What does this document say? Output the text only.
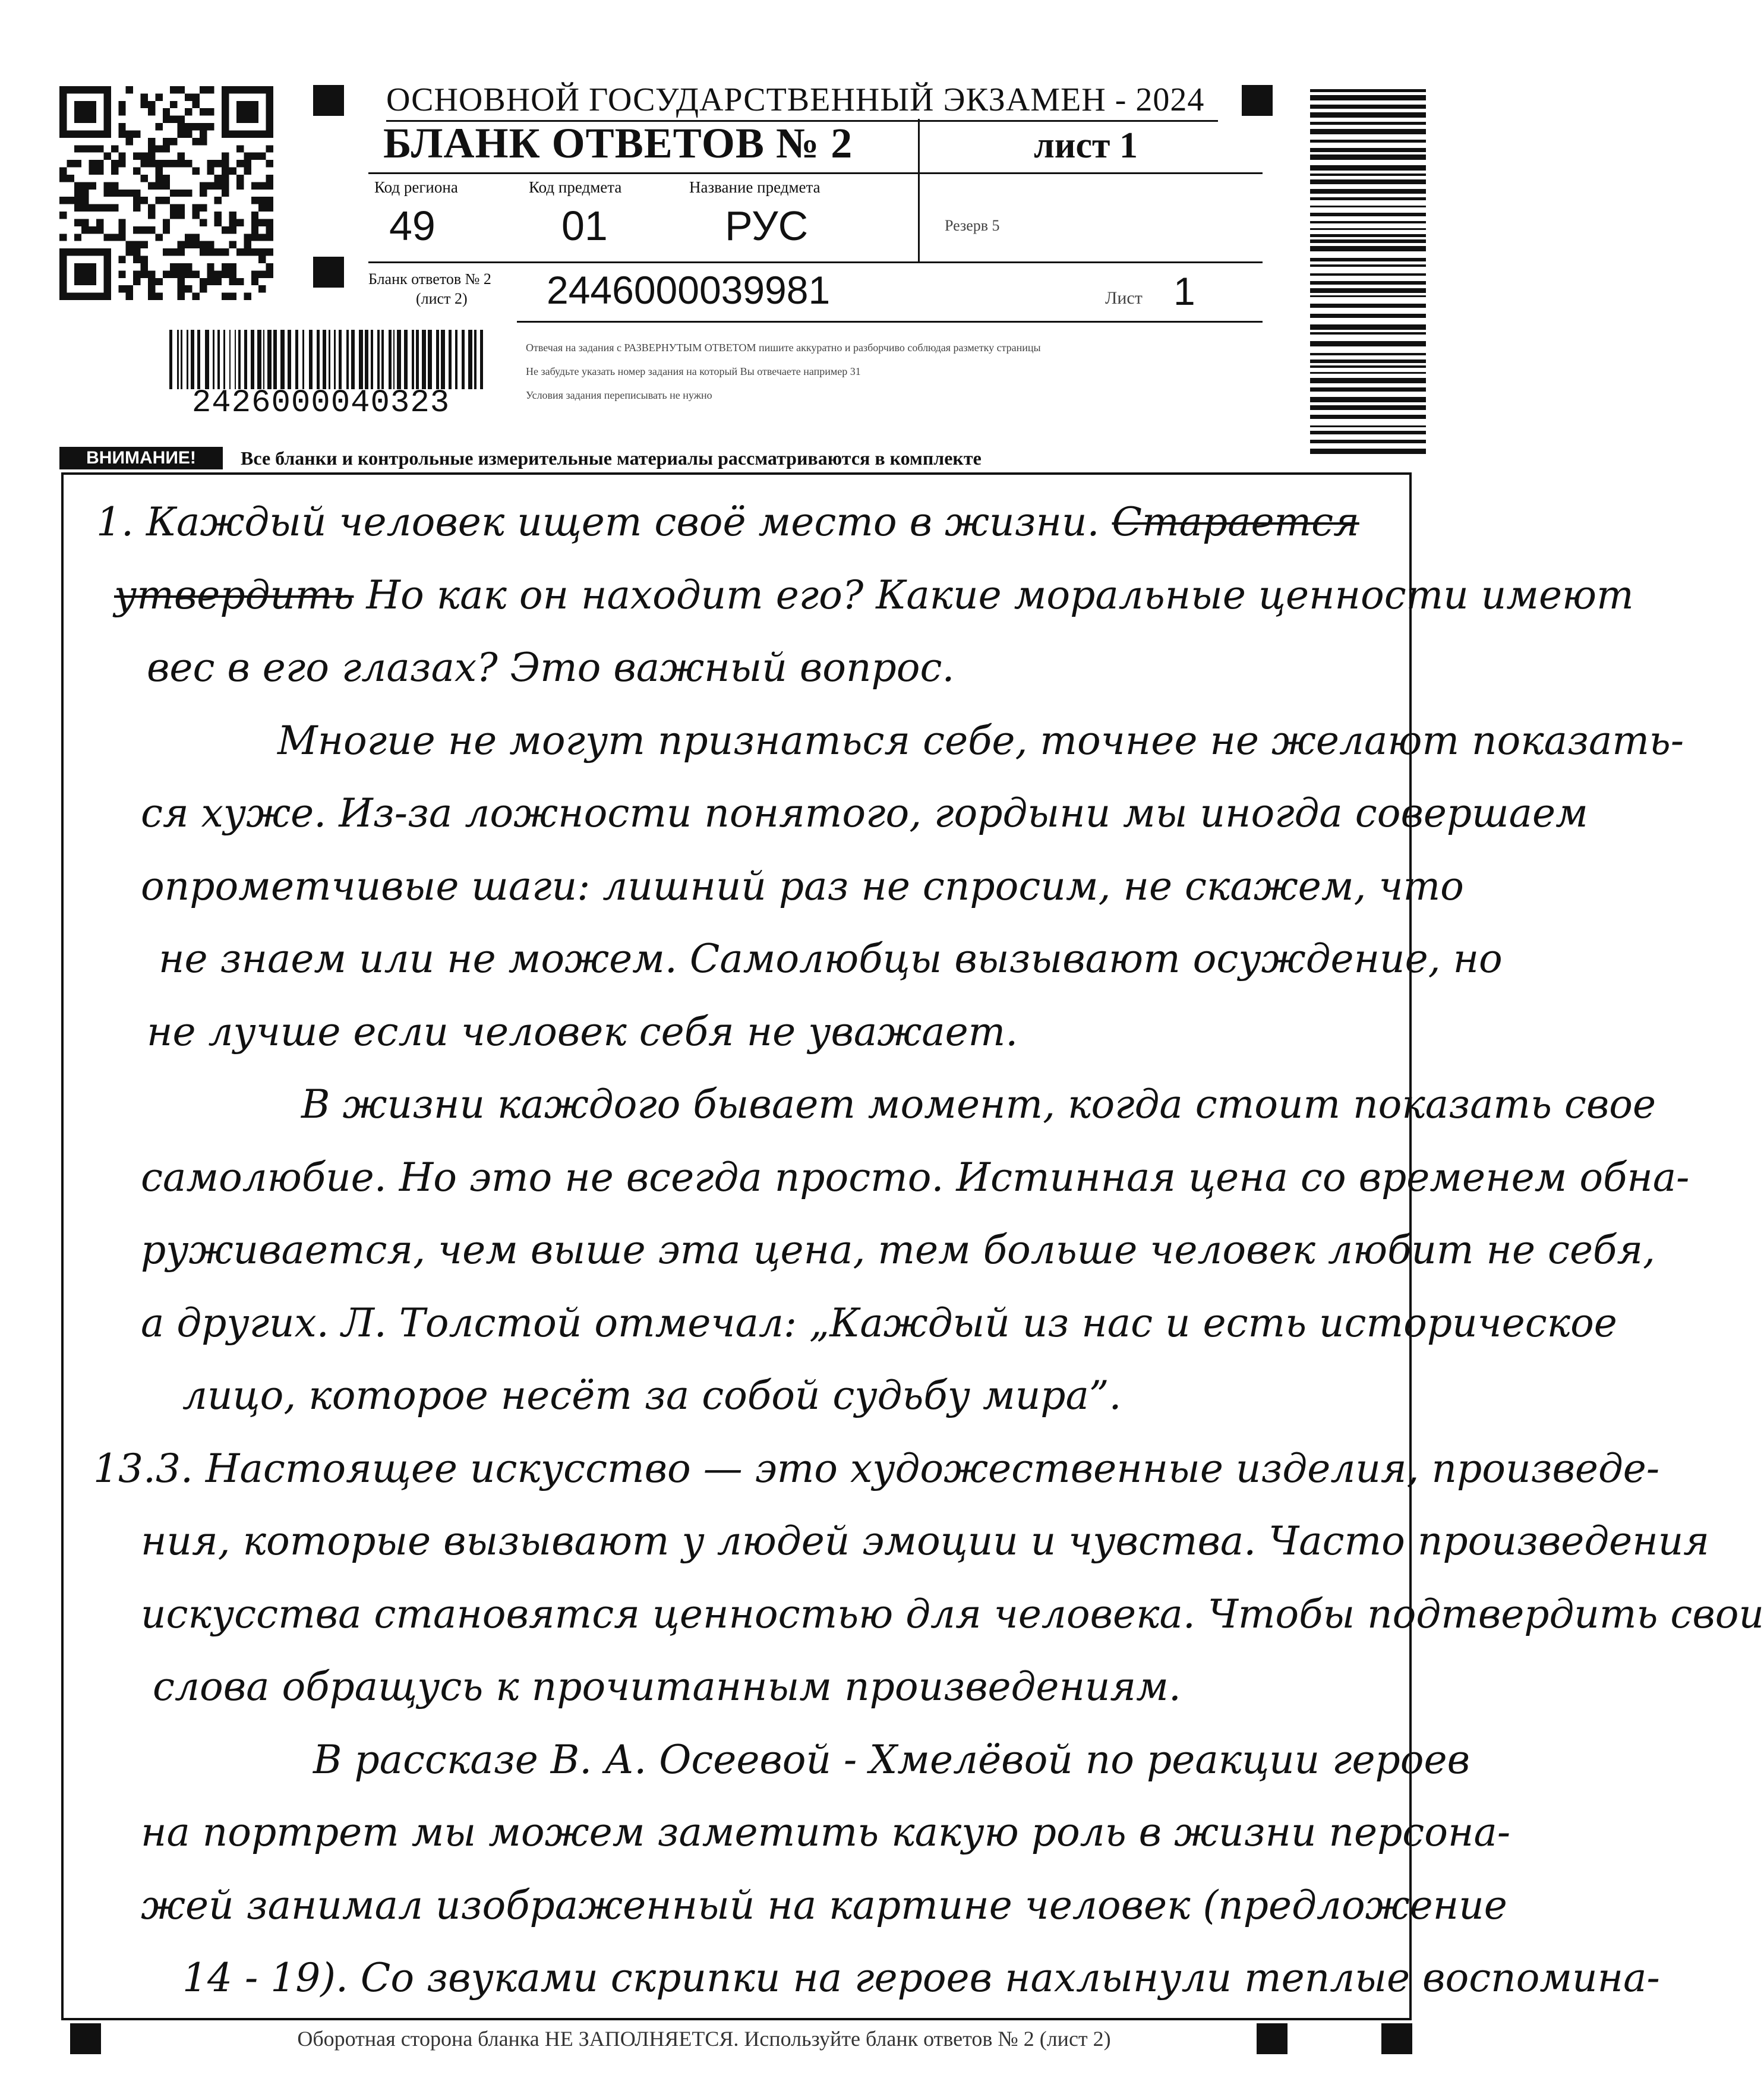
2426000040323
ОСНОВНОЙ ГОСУДАРСТВЕННЫЙ ЭКЗАМЕН - 2024
БЛАНК ОТВЕТОВ № 2	лист 1
Код региона
49
Код предмета
01
Название предмета
РУС	Резерв 5
Бланк ответов № 2
(лист 2) 2446000039981	Лист 1
Отвечая на задания с РАЗВЕРНУТЫМ ОТВЕТОМ пишите аккуратно и разборчиво соблюдая разметку страницы
Не забудьте указать номер задания на который Вы отвечаете например 31
Условия задания переписывать не нужно
ВНИМАНИЕ!	Все бланки и контрольные измерительные материалы рассматриваются в комплекте
1. Каждый человек ищет своё место в жизни. Старается
утвердить Но как он находит его? Какие моральные ценности имеют
вес в его глазах? Это важный вопрос.
Многие не могут признаться себе, точнее не желают показать-
ся хуже. Из-за ложности понятого, гордыни мы иногда совершаем
опрометчивые шаги: лишний раз не спросим, не скажем, что
не знаем или не можем. Самолюбцы вызывают осуждение, но
не лучше если человек себя не уважает.
В жизни каждого бывает момент, когда стоит показать свое
самолюбие. Но это не всегда просто. Истинная цена со временем обна-
руживается, чем выше эта цена, тем больше человек любит не себя,
а других. Л. Толстой отмечал: „Каждый из нас и есть историческое
лицо, которое несёт за собой судьбу мира”.
13.3. Настоящее искусство — это художественные изделия, произведе-
ния, которые вызывают у людей эмоции и чувства. Часто произведения
искусства становятся ценностью для человека. Чтобы подтвердить свои
слова обращусь к прочитанным произведениям.
В рассказе В. А. Осеевой - Хмелёвой по реакции героев
на портрет мы можем заметить какую роль в жизни персона-
жей занимал изображенный на картине человек (предложение
14 - 19). Со звуками скрипки на героев нахлынули теплые воспомина-
Оборотная сторона бланка НЕ ЗАПОЛНЯЕТСЯ. Используйте бланк ответов № 2 (лист 2)
